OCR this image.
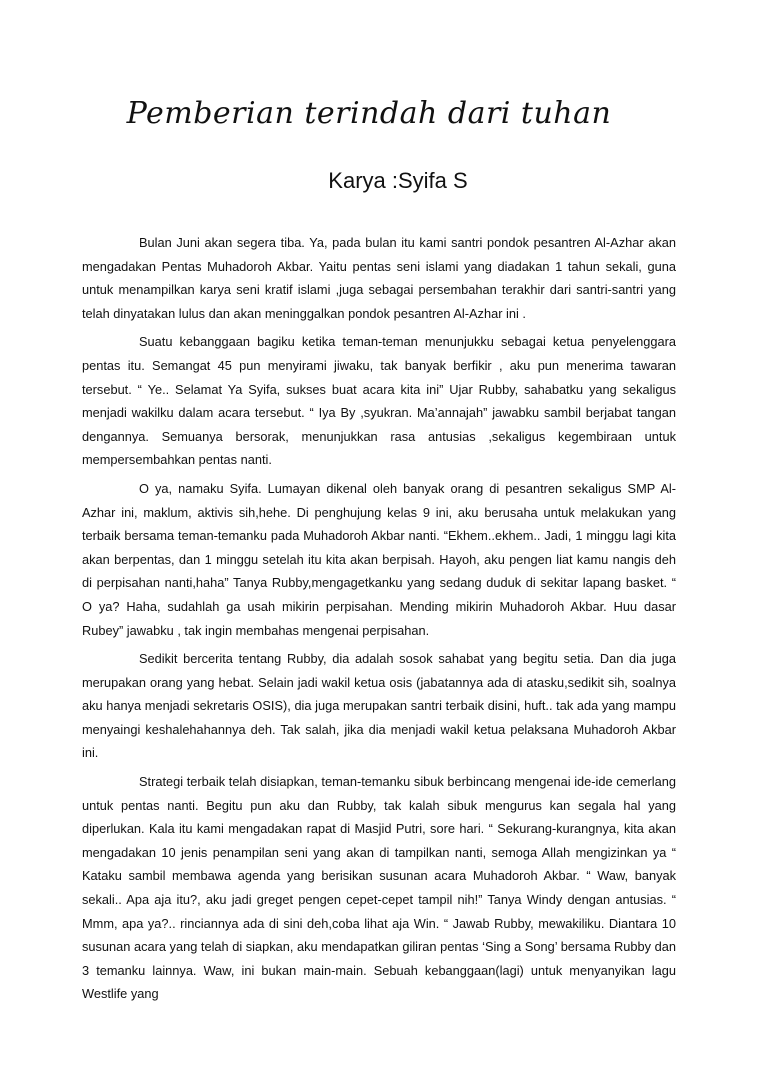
Pemberian terindah dari tuhan
Karya :Syifa S

Bulan Juni akan segera tiba. Ya, pada bulan itu kami santri pondok pesantren Al-Azhar akan mengadakan Pentas Muhadoroh Akbar. Yaitu pentas seni islami yang diadakan 1 tahun sekali, guna untuk menampilkan karya seni kratif islami ,juga sebagai persembahan terakhir dari santri-santri yang telah dinyatakan lulus dan akan meninggalkan pondok pesantren Al-Azhar ini .

Suatu kebanggaan bagiku ketika teman-teman menunjukku sebagai ketua penyelenggara pentas itu. Semangat 45 pun menyirami jiwaku, tak banyak berfikir , aku pun menerima tawaran tersebut. “ Ye.. Selamat Ya Syifa, sukses buat acara kita ini” Ujar Rubby, sahabatku yang sekaligus menjadi wakilku dalam acara tersebut. “ Iya By ,syukran. Ma’annajah” jawabku sambil berjabat tangan dengannya. Semuanya bersorak, menunjukkan rasa antusias ,sekaligus kegembiraan untuk mempersembahkan pentas nanti.

O ya, namaku Syifa. Lumayan dikenal oleh banyak orang di pesantren sekaligus SMP Al-Azhar ini, maklum, aktivis sih,hehe. Di penghujung kelas 9 ini, aku berusaha untuk melakukan yang terbaik bersama teman-temanku pada Muhadoroh Akbar nanti. “Ekhem..ekhem.. Jadi, 1 minggu lagi kita akan berpentas, dan 1 minggu setelah itu kita akan berpisah. Hayoh, aku pengen liat kamu nangis deh di perpisahan nanti,haha” Tanya Rubby,mengagetkanku yang sedang duduk di sekitar lapang basket. “ O ya? Haha, sudahlah ga usah mikirin perpisahan. Mending mikirin Muhadoroh Akbar. Huu dasar Rubey” jawabku , tak ingin membahas mengenai perpisahan.

Sedikit bercerita tentang Rubby, dia adalah sosok sahabat yang begitu setia. Dan dia juga merupakan orang yang hebat. Selain jadi wakil ketua osis (jabatannya ada di atasku,sedikit sih, soalnya aku hanya menjadi sekretaris OSIS), dia juga merupakan santri terbaik disini, huft.. tak ada yang mampu menyaingi keshalehahannya deh. Tak salah, jika dia menjadi wakil ketua pelaksana Muhadoroh Akbar ini.

Strategi terbaik telah disiapkan, teman-temanku sibuk berbincang mengenai ide-ide cemerlang untuk pentas nanti. Begitu pun aku dan Rubby, tak kalah sibuk mengurus kan segala hal yang diperlukan. Kala itu kami mengadakan rapat di Masjid Putri, sore hari. “ Sekurang-kurangnya, kita akan mengadakan 10 jenis penampilan seni yang akan di tampilkan nanti, semoga Allah mengizinkan ya “ Kataku sambil membawa agenda yang berisikan susunan acara Muhadoroh Akbar. “ Waw, banyak sekali.. Apa aja itu?, aku jadi greget pengen cepet-cepet tampil nih!” Tanya Windy dengan antusias. “ Mmm, apa ya?.. rinciannya ada di sini deh,coba lihat aja Win. “ Jawab Rubby, mewakiliku. Diantara 10 susunan acara yang telah di siapkan, aku mendapatkan giliran pentas ‘Sing a Song’ bersama Rubby dan 3 temanku lainnya. Waw, ini bukan main-main. Sebuah kebanggaan(lagi) untuk menyanyikan lagu Westlife yang
